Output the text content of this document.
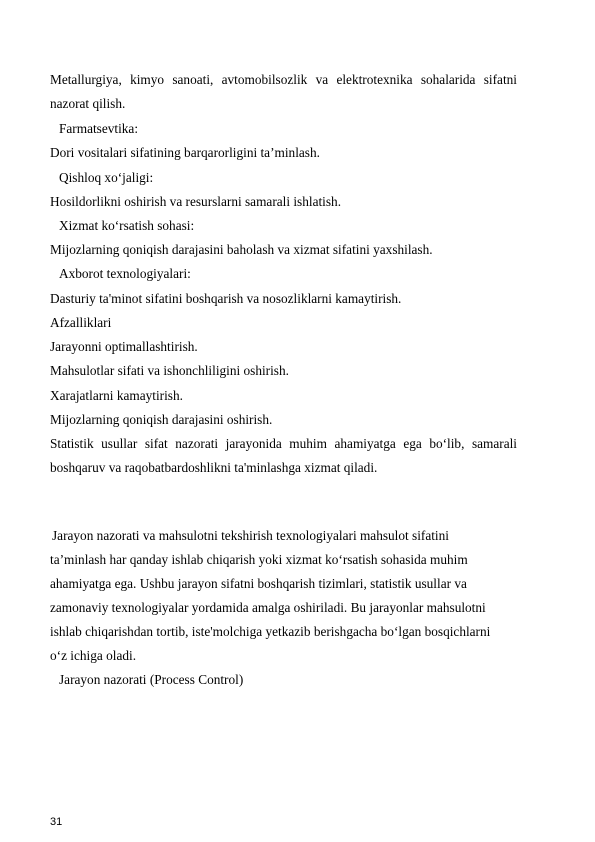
Metallurgiya, kimyo sanoati, avtomobilsozlik va elektrotexnika sohalarida sifatni
nazorat qilish.
Farmatsevtika:
Dori vositalari sifatining barqarorligini ta’minlash.
Qishloq xo‘jaligi:
Hosildorlikni oshirish va resurslarni samarali ishlatish.
Xizmat ko‘rsatish sohasi:
Mijozlarning qoniqish darajasini baholash va xizmat sifatini yaxshilash.
Axborot texnologiyalari:
Dasturiy ta'minot sifatini boshqarish va nosozliklarni kamaytirish.
Afzalliklari
Jarayonni optimallashtirish.
Mahsulotlar sifati va ishonchliligini oshirish.
Xarajatlarni kamaytirish.
Mijozlarning qoniqish darajasini oshirish.
Statistik usullar sifat nazorati jarayonida muhim ahamiyatga ega bo‘lib, samarali
boshqaruv va raqobatbardoshlikni ta'minlashga xizmat qiladi.
Jarayon nazorati va mahsulotni tekshirish texnologiyalari mahsulot sifatini
ta’minlash har qanday ishlab chiqarish yoki xizmat ko‘rsatish sohasida muhim
ahamiyatga ega. Ushbu jarayon sifatni boshqarish tizimlari, statistik usullar va
zamonaviy texnologiyalar yordamida amalga oshiriladi. Bu jarayonlar mahsulotni
ishlab chiqarishdan tortib, iste'molchiga yetkazib berishgacha bo‘lgan bosqichlarni
o‘z ichiga oladi.
Jarayon nazorati (Process Control)
31
